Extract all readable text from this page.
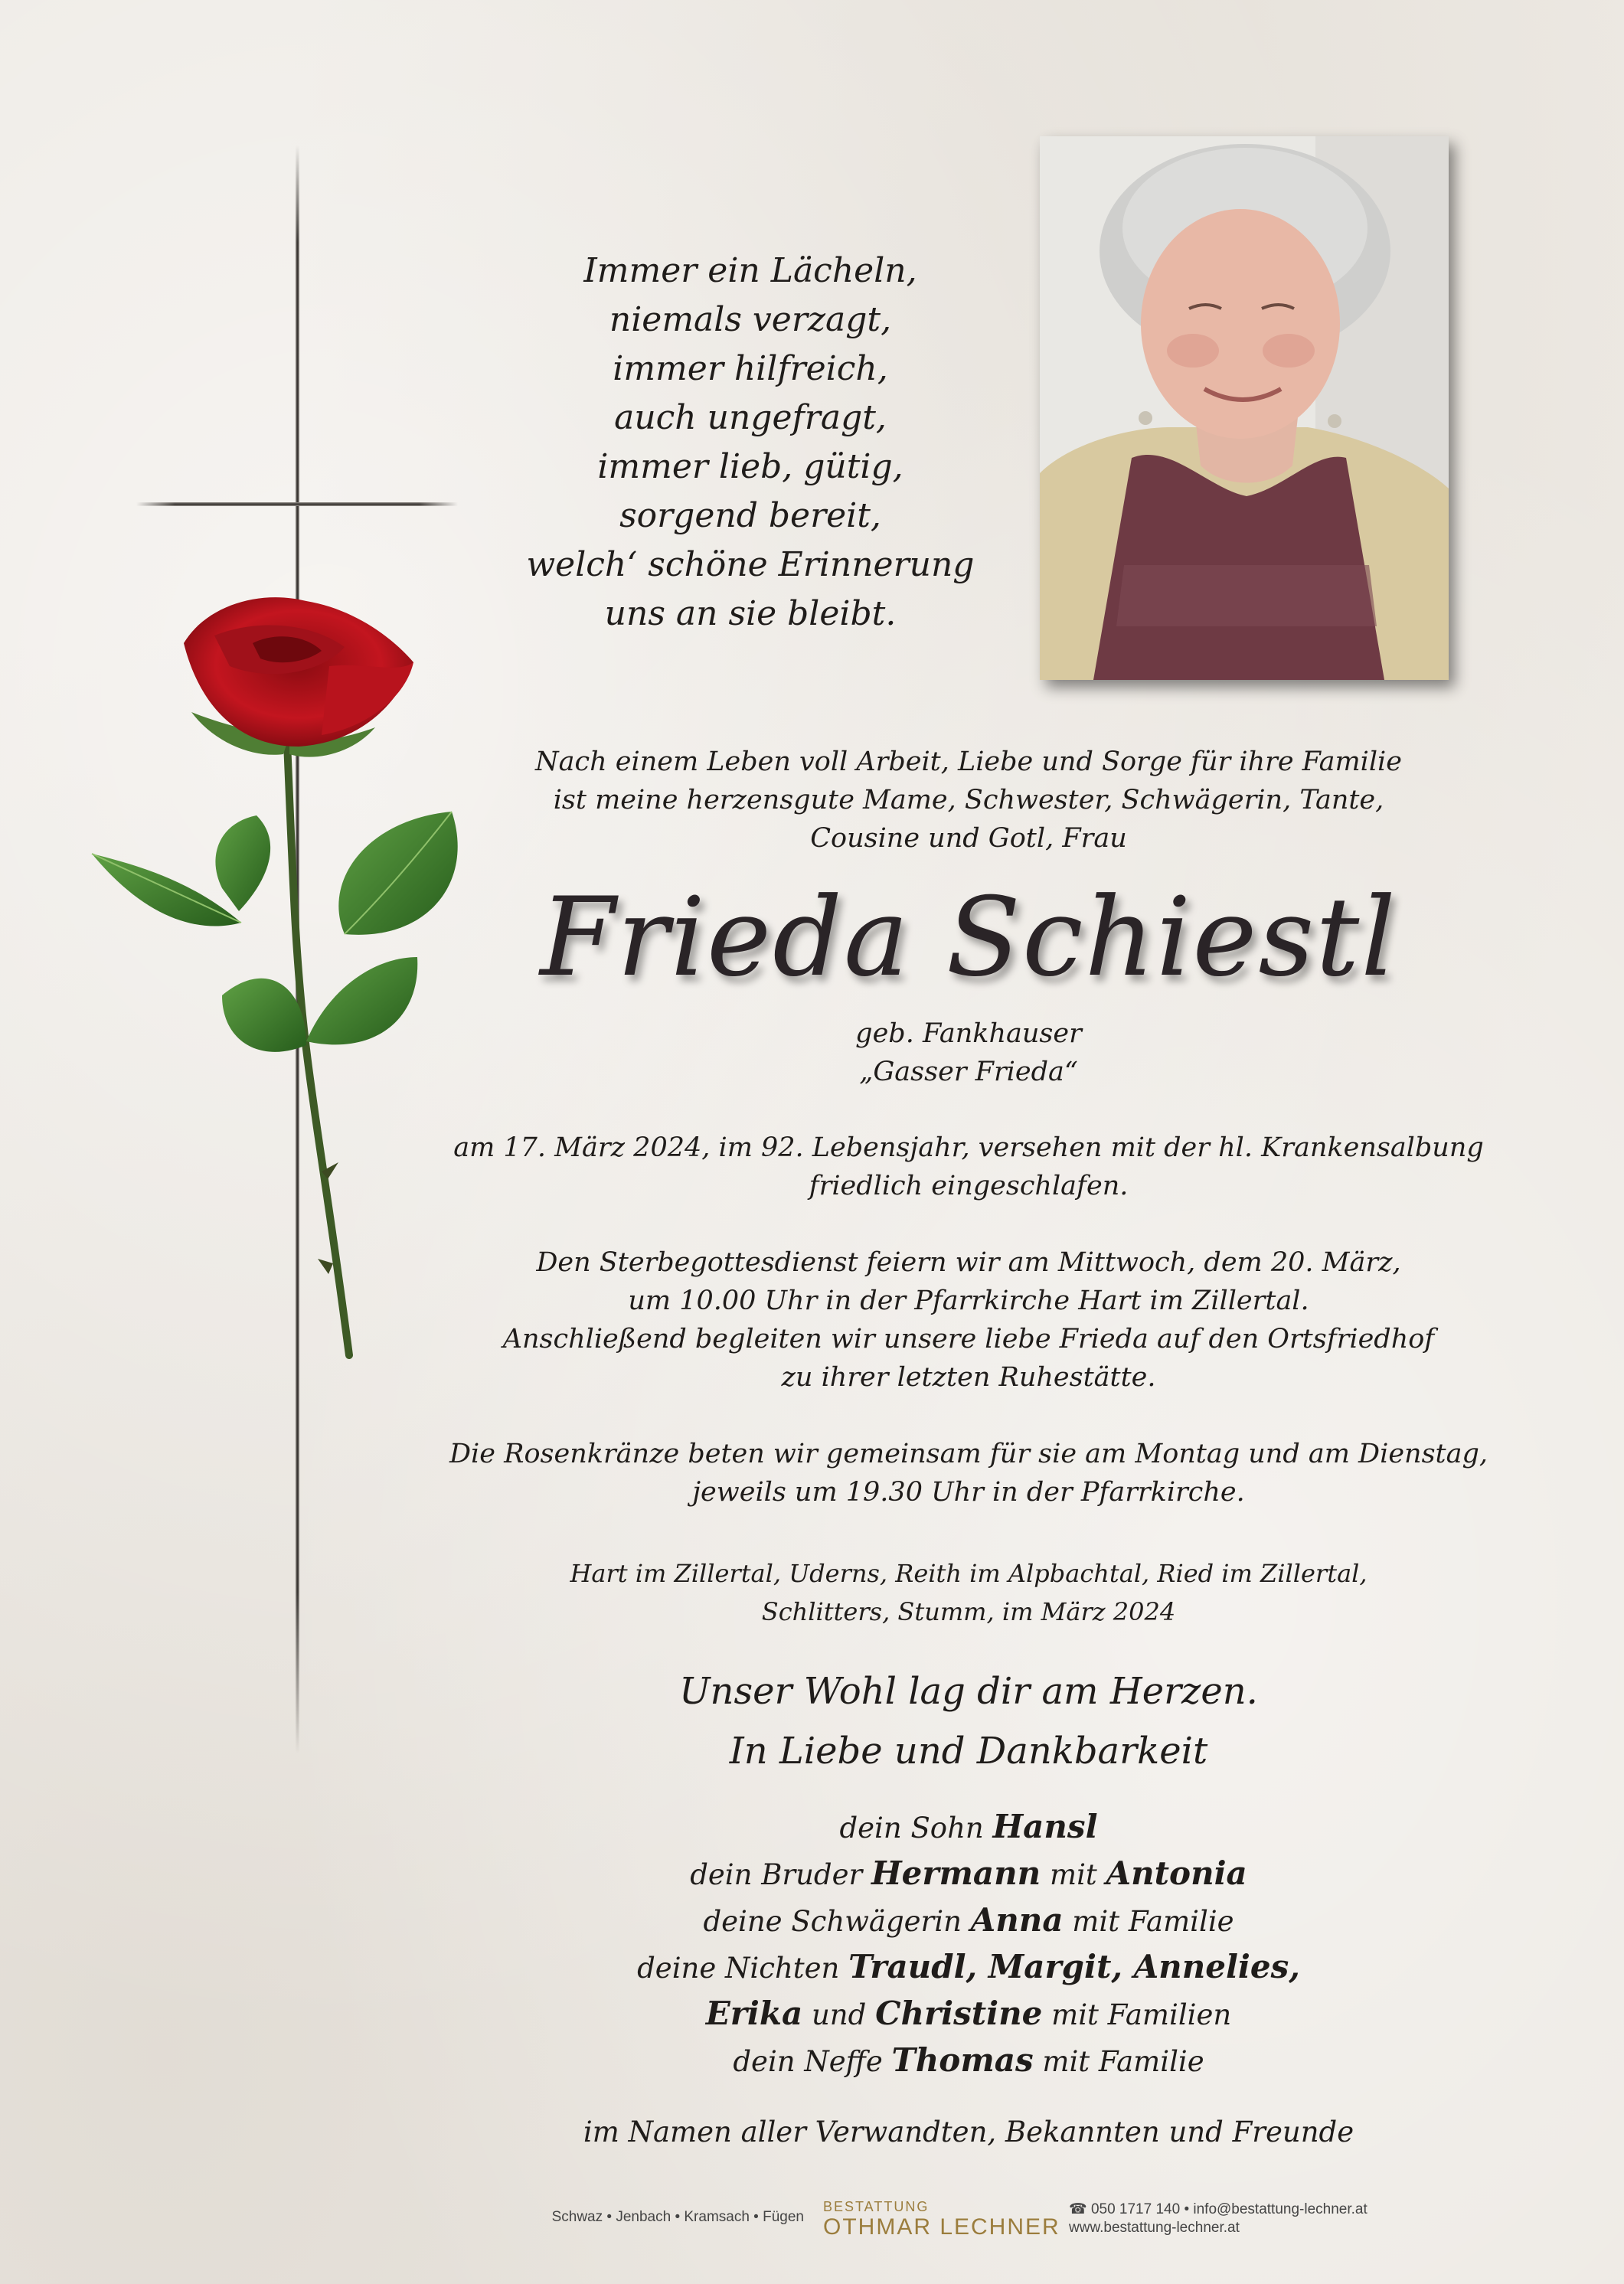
Immer ein Lächeln,
niemals verzagt,
immer hilfreich,
auch ungefragt,
immer lieb, gütig,
sorgend bereit,
welch‘ schöne Erinnerung
uns an sie bleibt.
Nach einem Leben voll Arbeit, Liebe und Sorge für ihre Familie
ist meine herzensgute Mame, Schwester, Schwägerin, Tante,
Cousine und Gotl, Frau
Frieda Schiestl
geb. Fankhauser
„Gasser Frieda“
am 17. März 2024, im 92. Lebensjahr, versehen mit der hl. Krankensalbung
friedlich eingeschlafen.
Den Sterbegottesdienst feiern wir am Mittwoch, dem 20. März,
um 10.00 Uhr in der Pfarrkirche Hart im Zillertal.
Anschließend begleiten wir unsere liebe Frieda auf den Ortsfriedhof
zu ihrer letzten Ruhestätte.
Die Rosenkränze beten wir gemeinsam für sie am Montag und am Dienstag,
jeweils um 19.30 Uhr in der Pfarrkirche.
Hart im Zillertal, Uderns, Reith im Alpbachtal, Ried im Zillertal,
Schlitters, Stumm, im März 2024
Unser Wohl lag dir am Herzen.
In Liebe und Dankbarkeit
dein Sohn Hansl
dein Bruder Hermann mit Antonia
deine Schwägerin Anna mit Familie
deine Nichten Traudl, Margit, Annelies,
Erika und Christine mit Familien
dein Neffe Thomas mit Familie
im Namen aller Verwandten, Bekannten und Freunde
Schwaz • Jenbach • Kramsach • Fügen
BESTATTUNG
OTHMAR LECHNER
☎ 050 1717 140 • info@bestattung-lechner.at
www.bestattung-lechner.at
